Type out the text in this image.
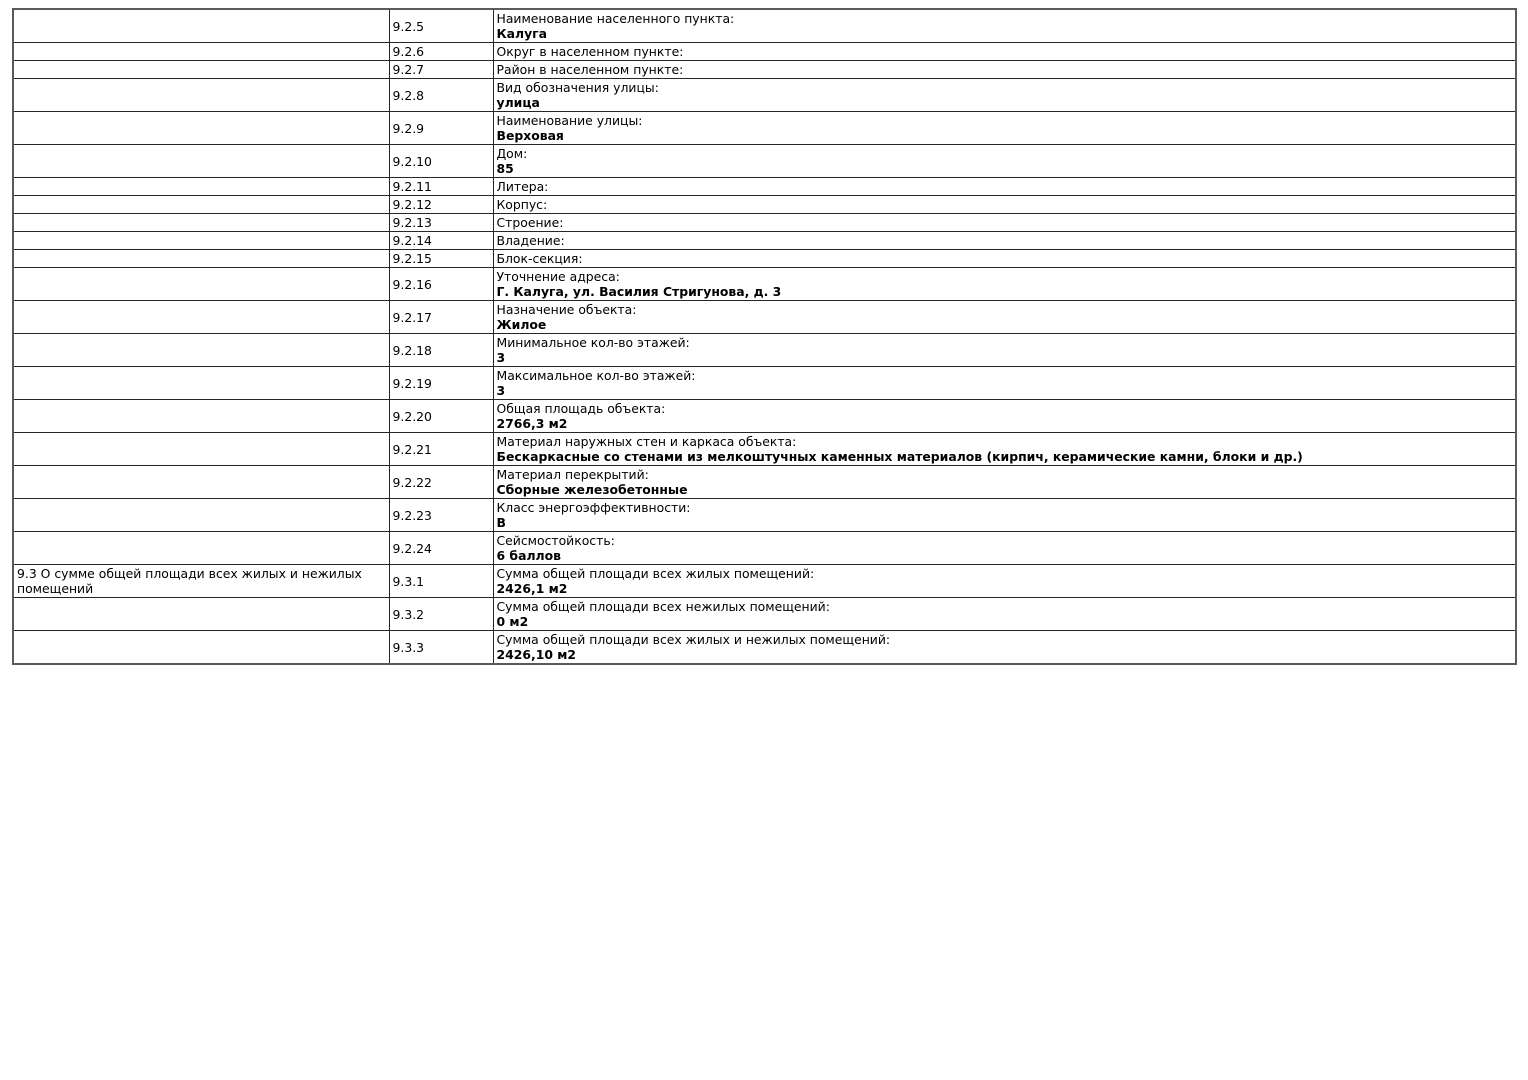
	9.2.5	Наименование населенного пункта:
Калуга

	9.2.6	Округ в населенном пункте:

	9.2.7	Район в населенном пункте:

	9.2.8	Вид обозначения улицы:
улица

	9.2.9	Наименование улицы:
Верховая

	9.2.10	Дом:
85

	9.2.11	Литера:

	9.2.12	Корпус:

	9.2.13	Строение:

	9.2.14	Владение:

	9.2.15	Блок-секция:

	9.2.16	Уточнение адреса:
Г. Калуга, ул. Василия Стригунова, д. 3

	9.2.17	Назначение объекта:
Жилое

	9.2.18	Минимальное кол-во этажей:
3

	9.2.19	Максимальное кол-во этажей:
3

	9.2.20	Общая площадь объекта:
2766,3 м2

	9.2.21	Материал наружных стен и каркаса объекта:
Бескаркасные со стенами из мелкоштучных каменных материалов (кирпич, керамические камни, блоки и др.)

	9.2.22	Материал перекрытий:
Сборные железобетонные

	9.2.23	Класс энергоэффективности:
В

	9.2.24	Сейсмостойкость:
6 баллов

9.3 О сумме общей площади всех жилых и нежилых помещений	9.3.1	Сумма общей площади всех жилых помещений:
2426,1 м2

	9.3.2	Сумма общей площади всех нежилых помещений:
0 м2

	9.3.3	Сумма общей площади всех жилых и нежилых помещений:
2426,10 м2
